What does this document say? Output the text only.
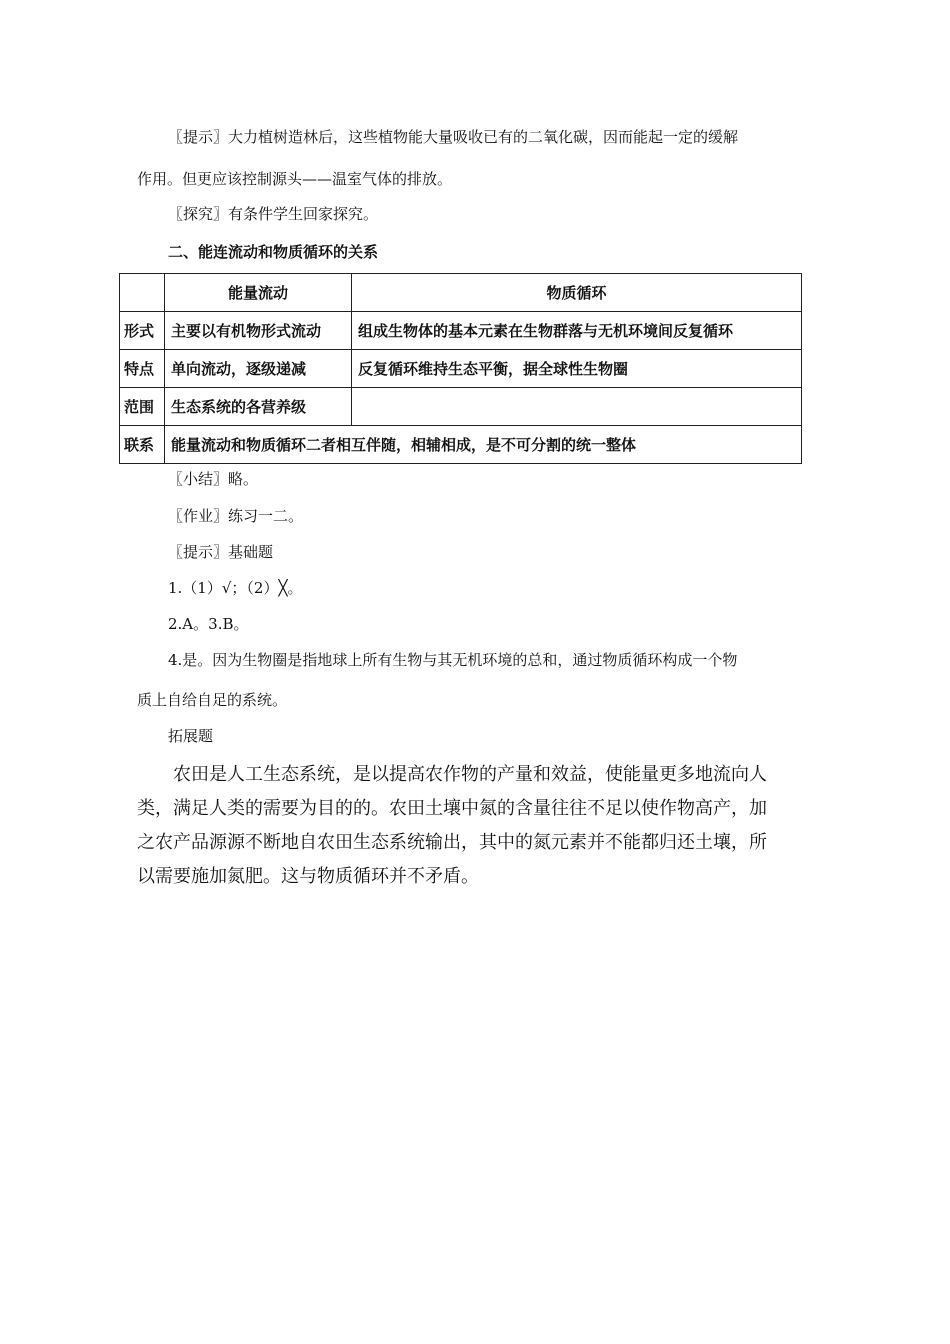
〖提示〗大力植树造林后，这些植物能大量吸收已有的二氧化碳，因而能起一定的缓解
作用。但更应该控制源头——温室气体的排放。
〖探究〗有条件学生回家探究。
二、能连流动和物质循环的关系
	能量流动	物质循环
形式	主要以有机物形式流动	组成生物体的基本元素在生物群落与无机环境间反复循环
特点	单向流动，逐级递减	反复循环维持生态平衡，据全球性生物圈
范围	生态系统的各营养级	
联系	能量流动和物质循环二者相互伴随，相辅相成，是不可分割的统一整体	
〖小结〗略。
〖作业〗练习一二。
〖提示〗基础题
1.（1）√；（2）╳。
2.A。3.B。
4.是。因为生物圈是指地球上所有生物与其无机环境的总和，通过物质循环构成一个物
质上自给自足的系统。
拓展题
农田是人工生态系统，是以提高农作物的产量和效益，使能量更多地流向人
类，满足人类的需要为目的的。农田土壤中氮的含量往往不足以使作物高产，加
之农产品源源不断地自农田生态系统输出，其中的氮元素并不能都归还土壤，所
以需要施加氮肥。这与物质循环并不矛盾。
